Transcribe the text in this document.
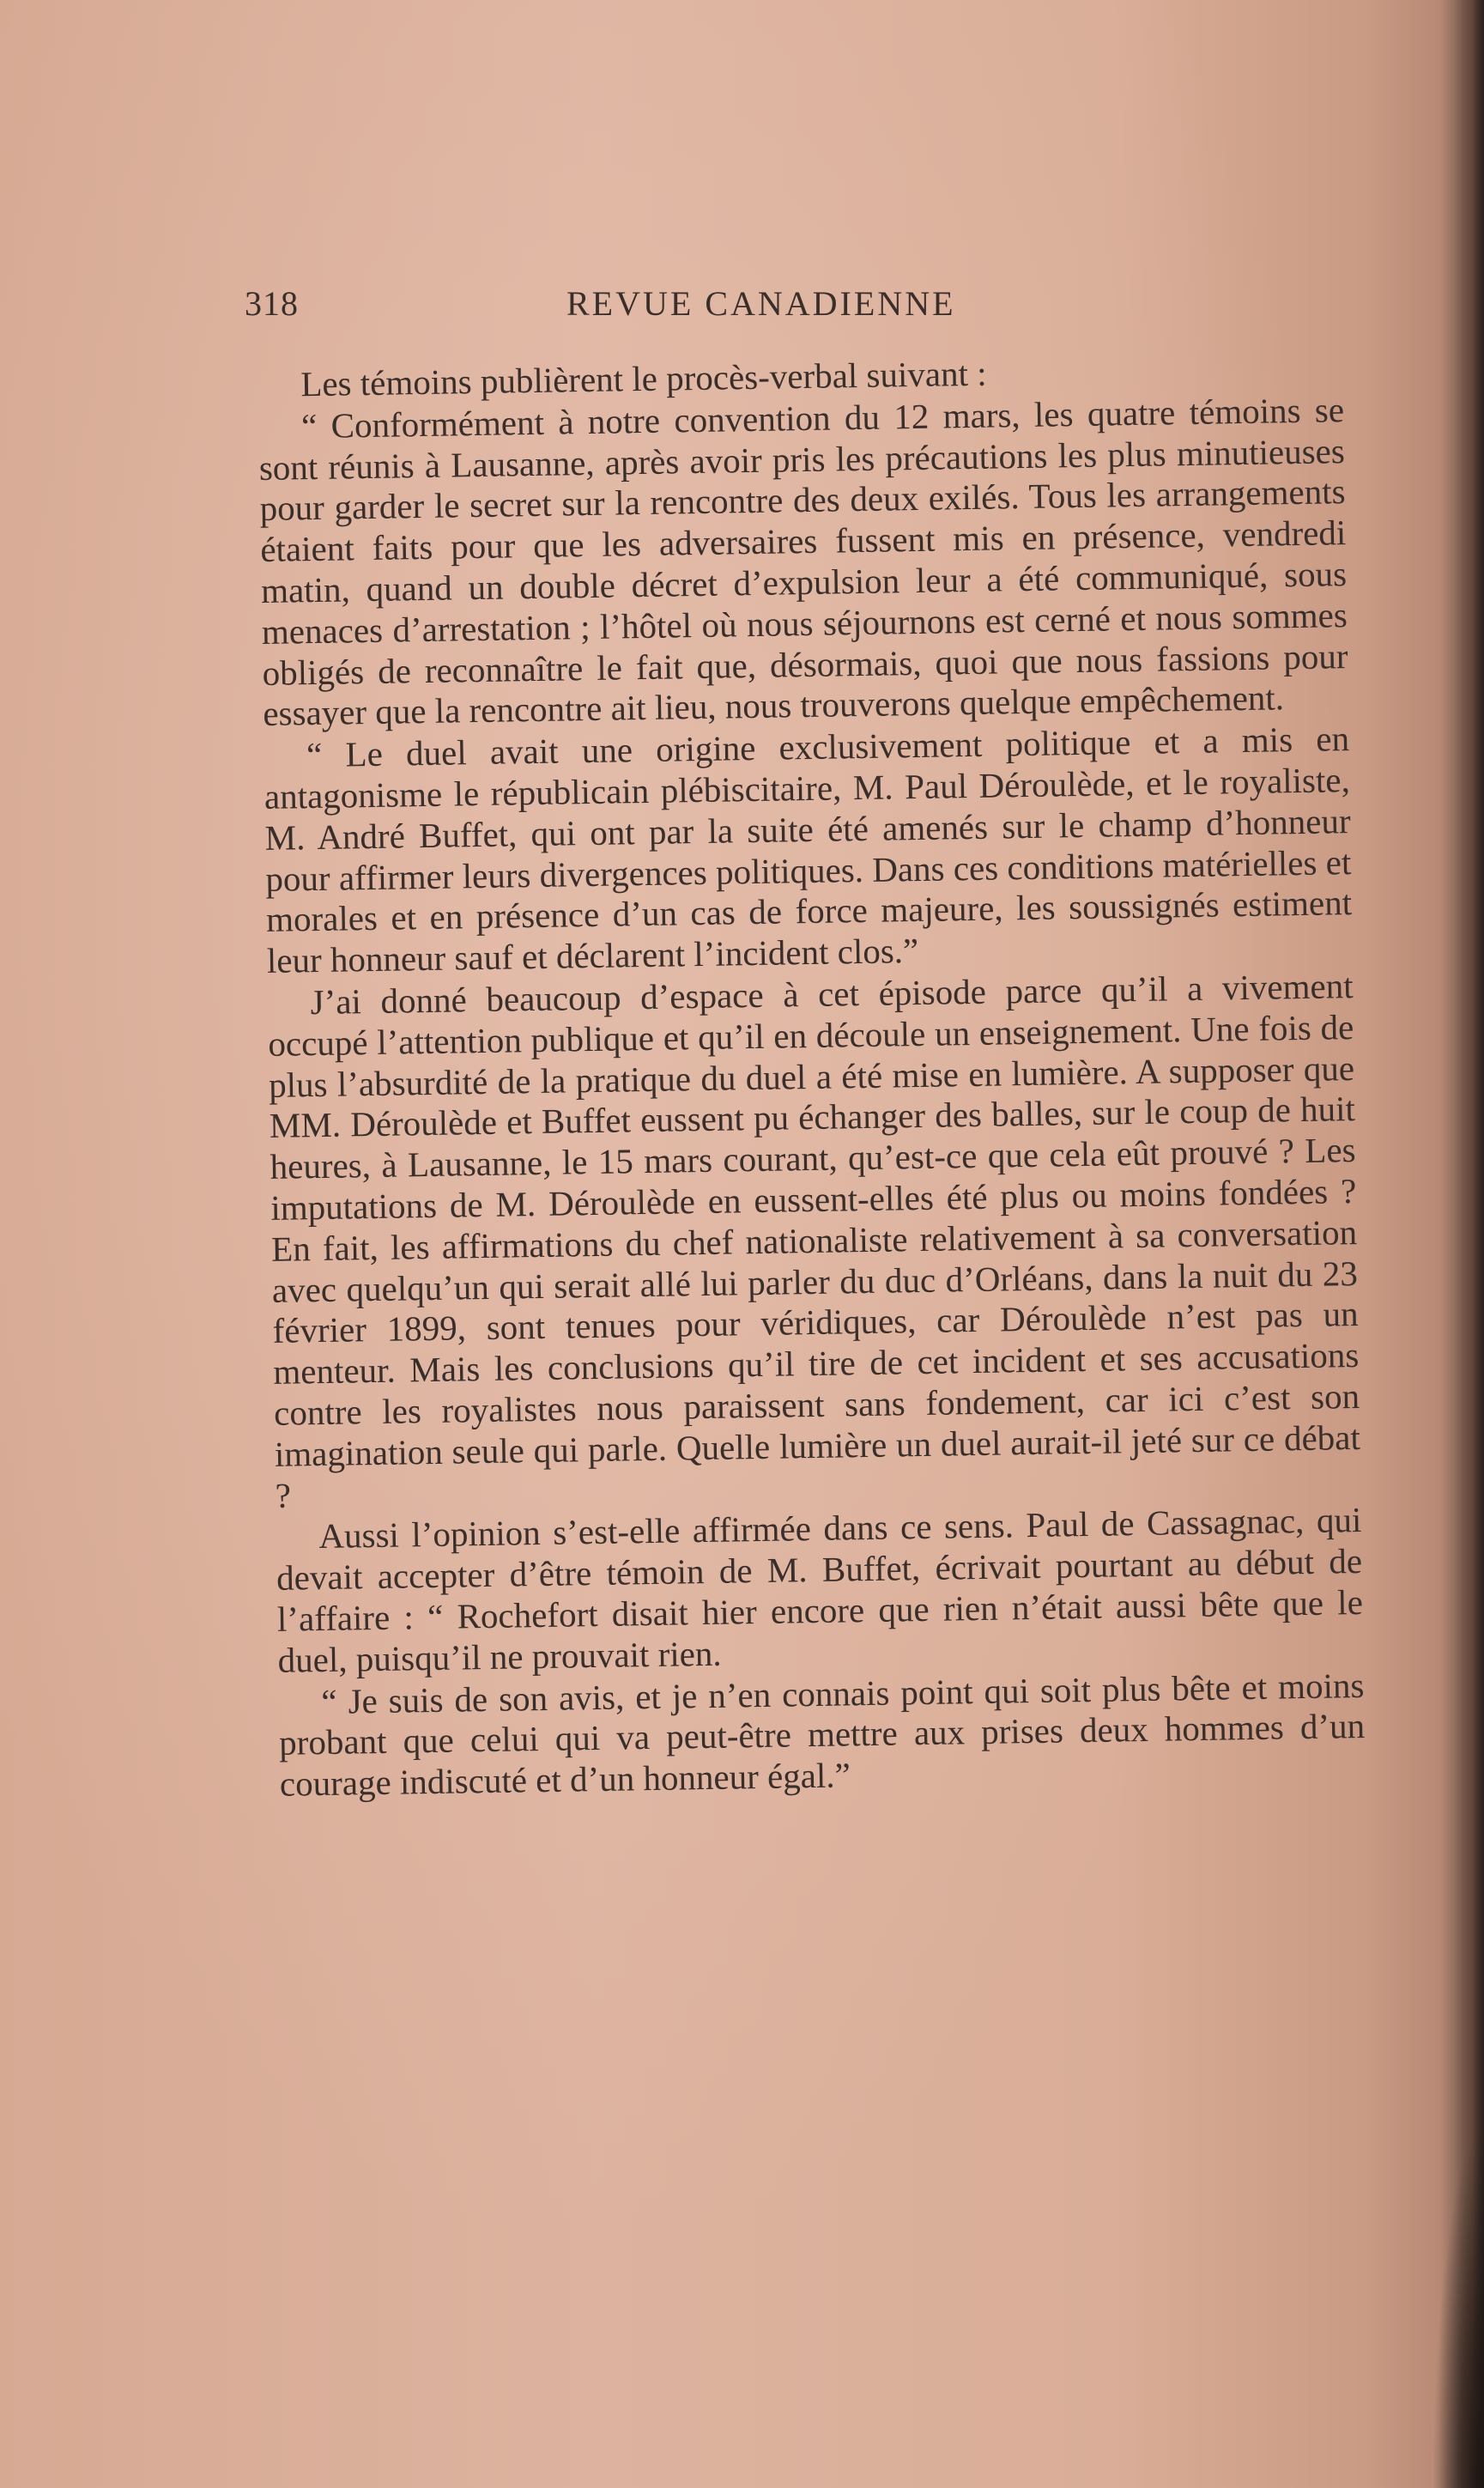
318	REVUE CANADIENNE

Les témoins publièrent le procès-verbal suivant :

“ Conformément à notre convention du 12 mars, les quatre témoins se sont réunis à Lausanne, après avoir pris les précautions les plus minutieuses pour garder le secret sur la rencontre des deux exilés. Tous les arrangements étaient faits pour que les adversaires fussent mis en présence, vendredi matin, quand un double décret d’expulsion leur a été communiqué, sous menaces d’arrestation ; l’hôtel où nous séjournons est cerné et nous sommes obligés de reconnaître le fait que, désormais, quoi que nous fassions pour essayer que la rencontre ait lieu, nous trouverons quelque empêchement.

“ Le duel avait une origine exclusivement politique et a mis en antagonisme le républicain plébiscitaire, M. Paul Déroulède, et le royaliste, M. André Buffet, qui ont par la suite été amenés sur le champ d’honneur pour affirmer leurs divergences politiques. Dans ces conditions matérielles et morales et en présence d’un cas de force majeure, les soussignés estiment leur honneur sauf et déclarent l’incident clos.”

J’ai donné beaucoup d’espace à cet épisode parce qu’il a vivement occupé l’attention publique et qu’il en découle un enseignement. Une fois de plus l’absurdité de la pratique du duel a été mise en lumière. A supposer que MM. Déroulède et Buffet eussent pu échanger des balles, sur le coup de huit heures, à Lausanne, le 15 mars courant, qu’est-ce que cela eût prouvé ? Les imputations de M. Déroulède en eussent-elles été plus ou moins fondées ? En fait, les affirmations du chef nationaliste relativement à sa conversation avec quelqu’un qui serait allé lui parler du duc d’Orléans, dans la nuit du 23 février 1899, sont tenues pour véridiques, car Déroulède n’est pas un menteur. Mais les conclusions qu’il tire de cet incident et ses accusations contre les royalistes nous paraissent sans fondement, car ici c’est son imagination seule qui parle. Quelle lumière un duel aurait-il jeté sur ce débat ?

Aussi l’opinion s’est-elle affirmée dans ce sens. Paul de Cassagnac, qui devait accepter d’être témoin de M. Buffet, écrivait pourtant au début de l’affaire : “ Rochefort disait hier encore que rien n’était aussi bête que le duel, puisqu’il ne prouvait rien.

“ Je suis de son avis, et je n’en connais point qui soit plus bête et moins probant que celui qui va peut-être mettre aux prises deux hommes d’un courage indiscuté et d’un honneur égal.”
